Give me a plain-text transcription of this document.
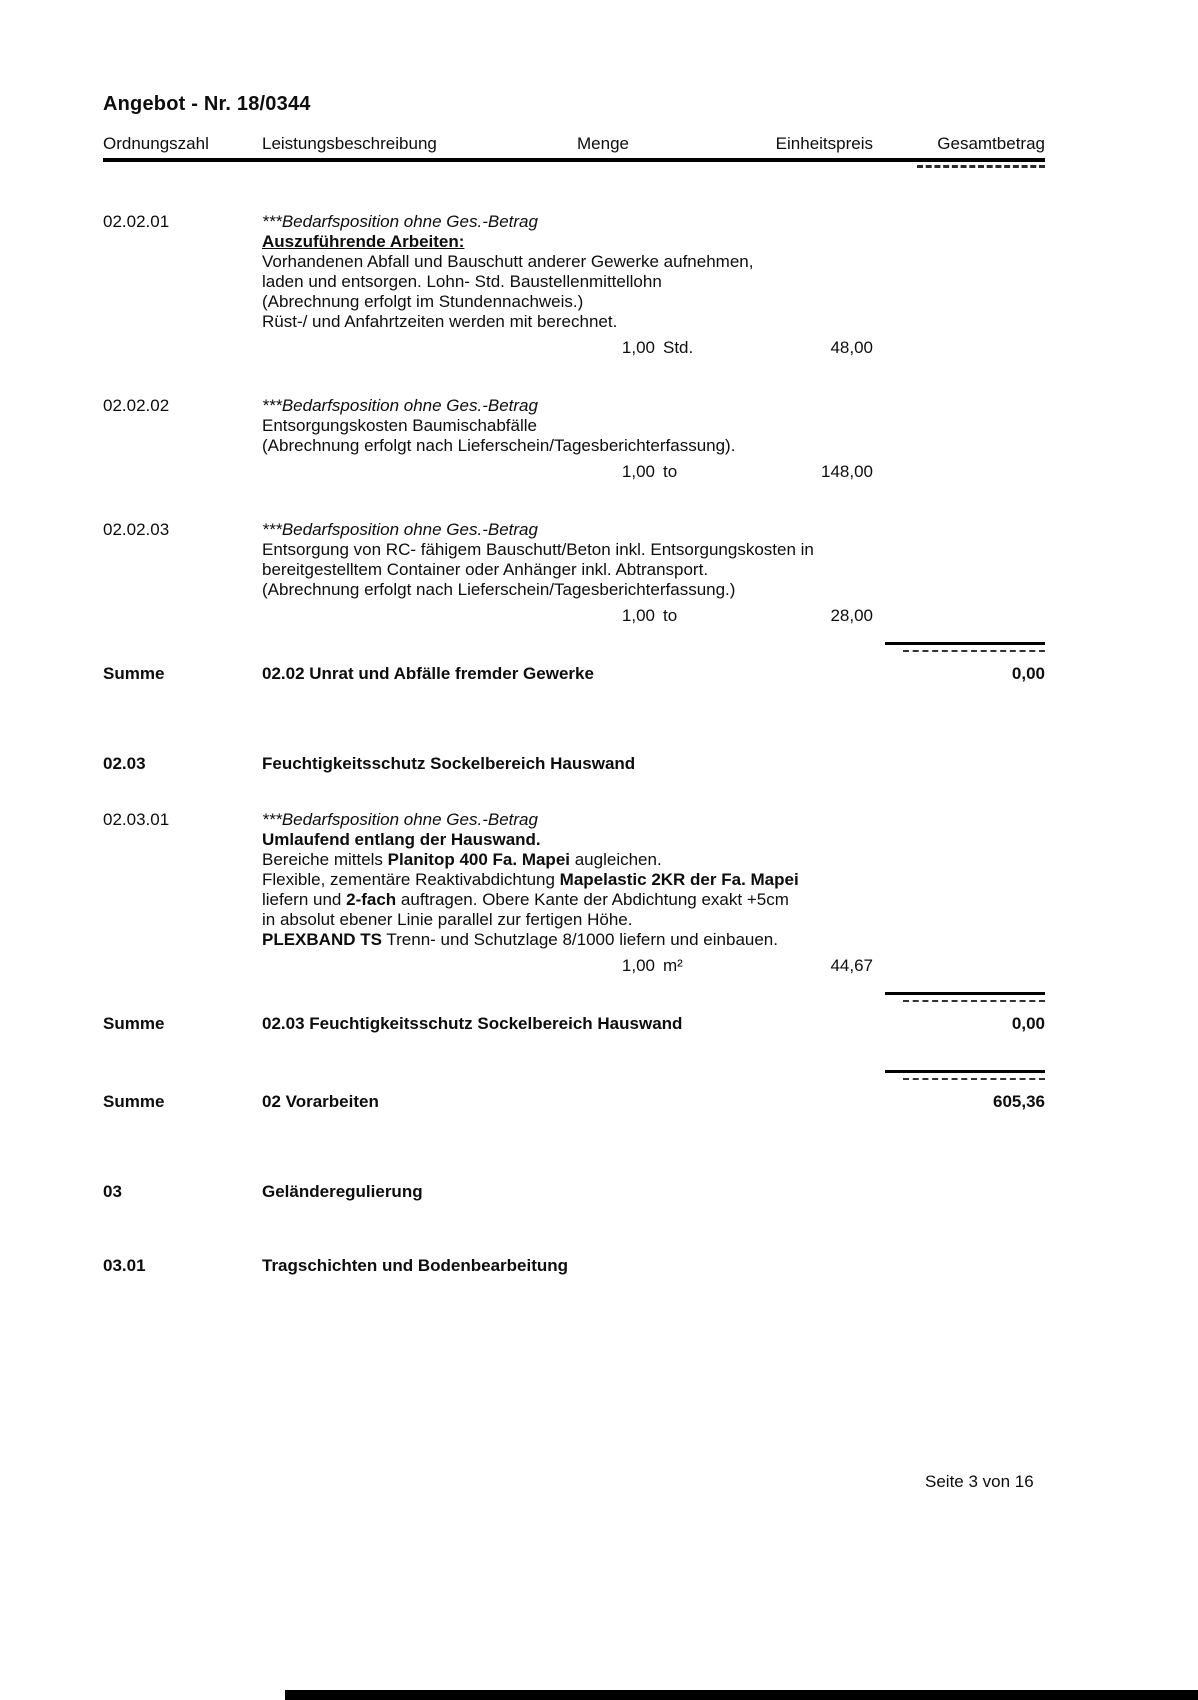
Angebot - Nr. 18/0344
Ordnungszahl	Leistungsbeschreibung	Menge	Einheitspreis	Gesamtbetrag
02.02.01	***Bedarfsposition ohne Ges.-Betrag
Auszuführende Arbeiten:
Vorhandenen Abfall und Bauschutt anderer Gewerke aufnehmen,
laden und entsorgen. Lohn- Std. Baustellenmittellohn
(Abrechnung erfolgt im Stundennachweis.)
Rüst-/ und Anfahrtzeiten werden mit berechnet.
1,00 Std.	48,00
02.02.02	***Bedarfsposition ohne Ges.-Betrag
Entsorgungskosten Baumischabfälle
(Abrechnung erfolgt nach Lieferschein/Tagesberichterfassung).
1,00 to	148,00
02.02.03	***Bedarfsposition ohne Ges.-Betrag
Entsorgung von RC- fähigem Bauschutt/Beton inkl. Entsorgungskosten in
bereitgestelltem Container oder Anhänger inkl. Abtransport.
(Abrechnung erfolgt nach Lieferschein/Tagesberichterfassung.)
1,00 to	28,00
Summe	02.02 Unrat und Abfälle fremder Gewerke	0,00
02.03	Feuchtigkeitsschutz Sockelbereich Hauswand
02.03.01	***Bedarfsposition ohne Ges.-Betrag
Umlaufend entlang der Hauswand.
Bereiche mittels Planitop 400 Fa. Mapei augleichen.
Flexible, zementäre Reaktivabdichtung Mapelastic 2KR der Fa. Mapei
liefern und 2-fach auftragen. Obere Kante der Abdichtung exakt +5cm
in absolut ebener Linie parallel zur fertigen Höhe.
PLEXBAND TS Trenn- und Schutzlage 8/1000 liefern und einbauen.
1,00 m²	44,67
Summe	02.03 Feuchtigkeitsschutz Sockelbereich Hauswand	0,00
Summe	02 Vorarbeiten	605,36
03	Geländeregulierung
03.01	Tragschichten und Bodenbearbeitung
Seite 3 von 16
